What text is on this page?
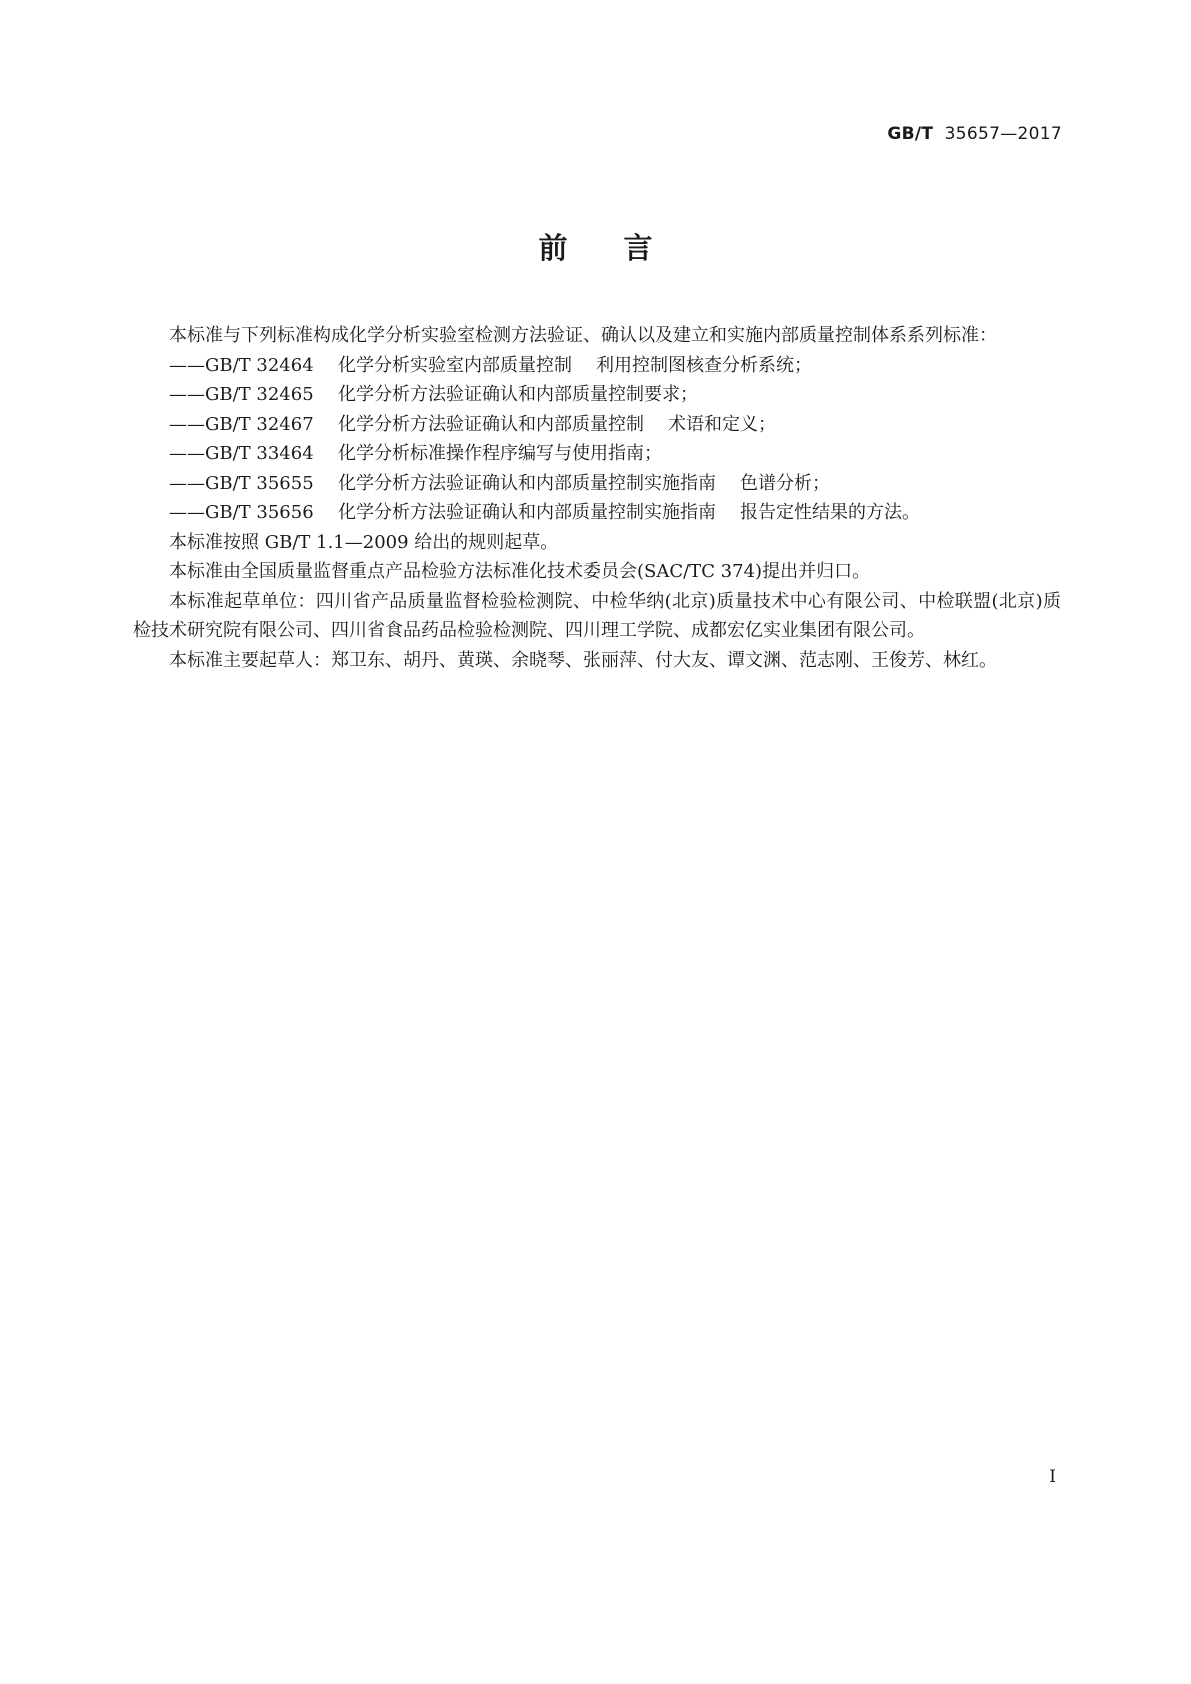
GB/T 35657—2017
前言

本标准与下列标准构成化学分析实验室检测方法验证、确认以及建立和实施内部质量控制体系系列标准：

—— GB/T 32464	化学分析实验室内部质量控制 利用控制图核查分析系统；
—— GB/T 32465	化学分析方法验证确认和内部质量控制要求；
—— GB/T 32467	化学分析方法验证确认和内部质量控制 术语和定义；
—— GB/T 33464	化学分析标准操作程序编写与使用指南；
—— GB/T 35655	化学分析方法验证确认和内部质量控制实施指南 色谱分析；
—— GB/T 35656	化学分析方法验证确认和内部质量控制实施指南 报告定性结果的方法。

本标准按照 GB/T 1.1—2009 给出的规则起草。

本标准由全国质量监督重点产品检验方法标准化技术委员会(SAC/TC 374)提出并归口。

本标准起草单位：四川省产品质量监督检验检测院、中检华纳(北京)质量技术中心有限公司、中检联盟(北京)质检技术研究院有限公司、四川省食品药品检验检测院、四川理工学院、成都宏亿实业集团有限公司。

本标准主要起草人：郑卫东、胡丹、黄瑛、余晓琴、张丽萍、付大友、谭文渊、范志刚、王俊芳、林红。

I
